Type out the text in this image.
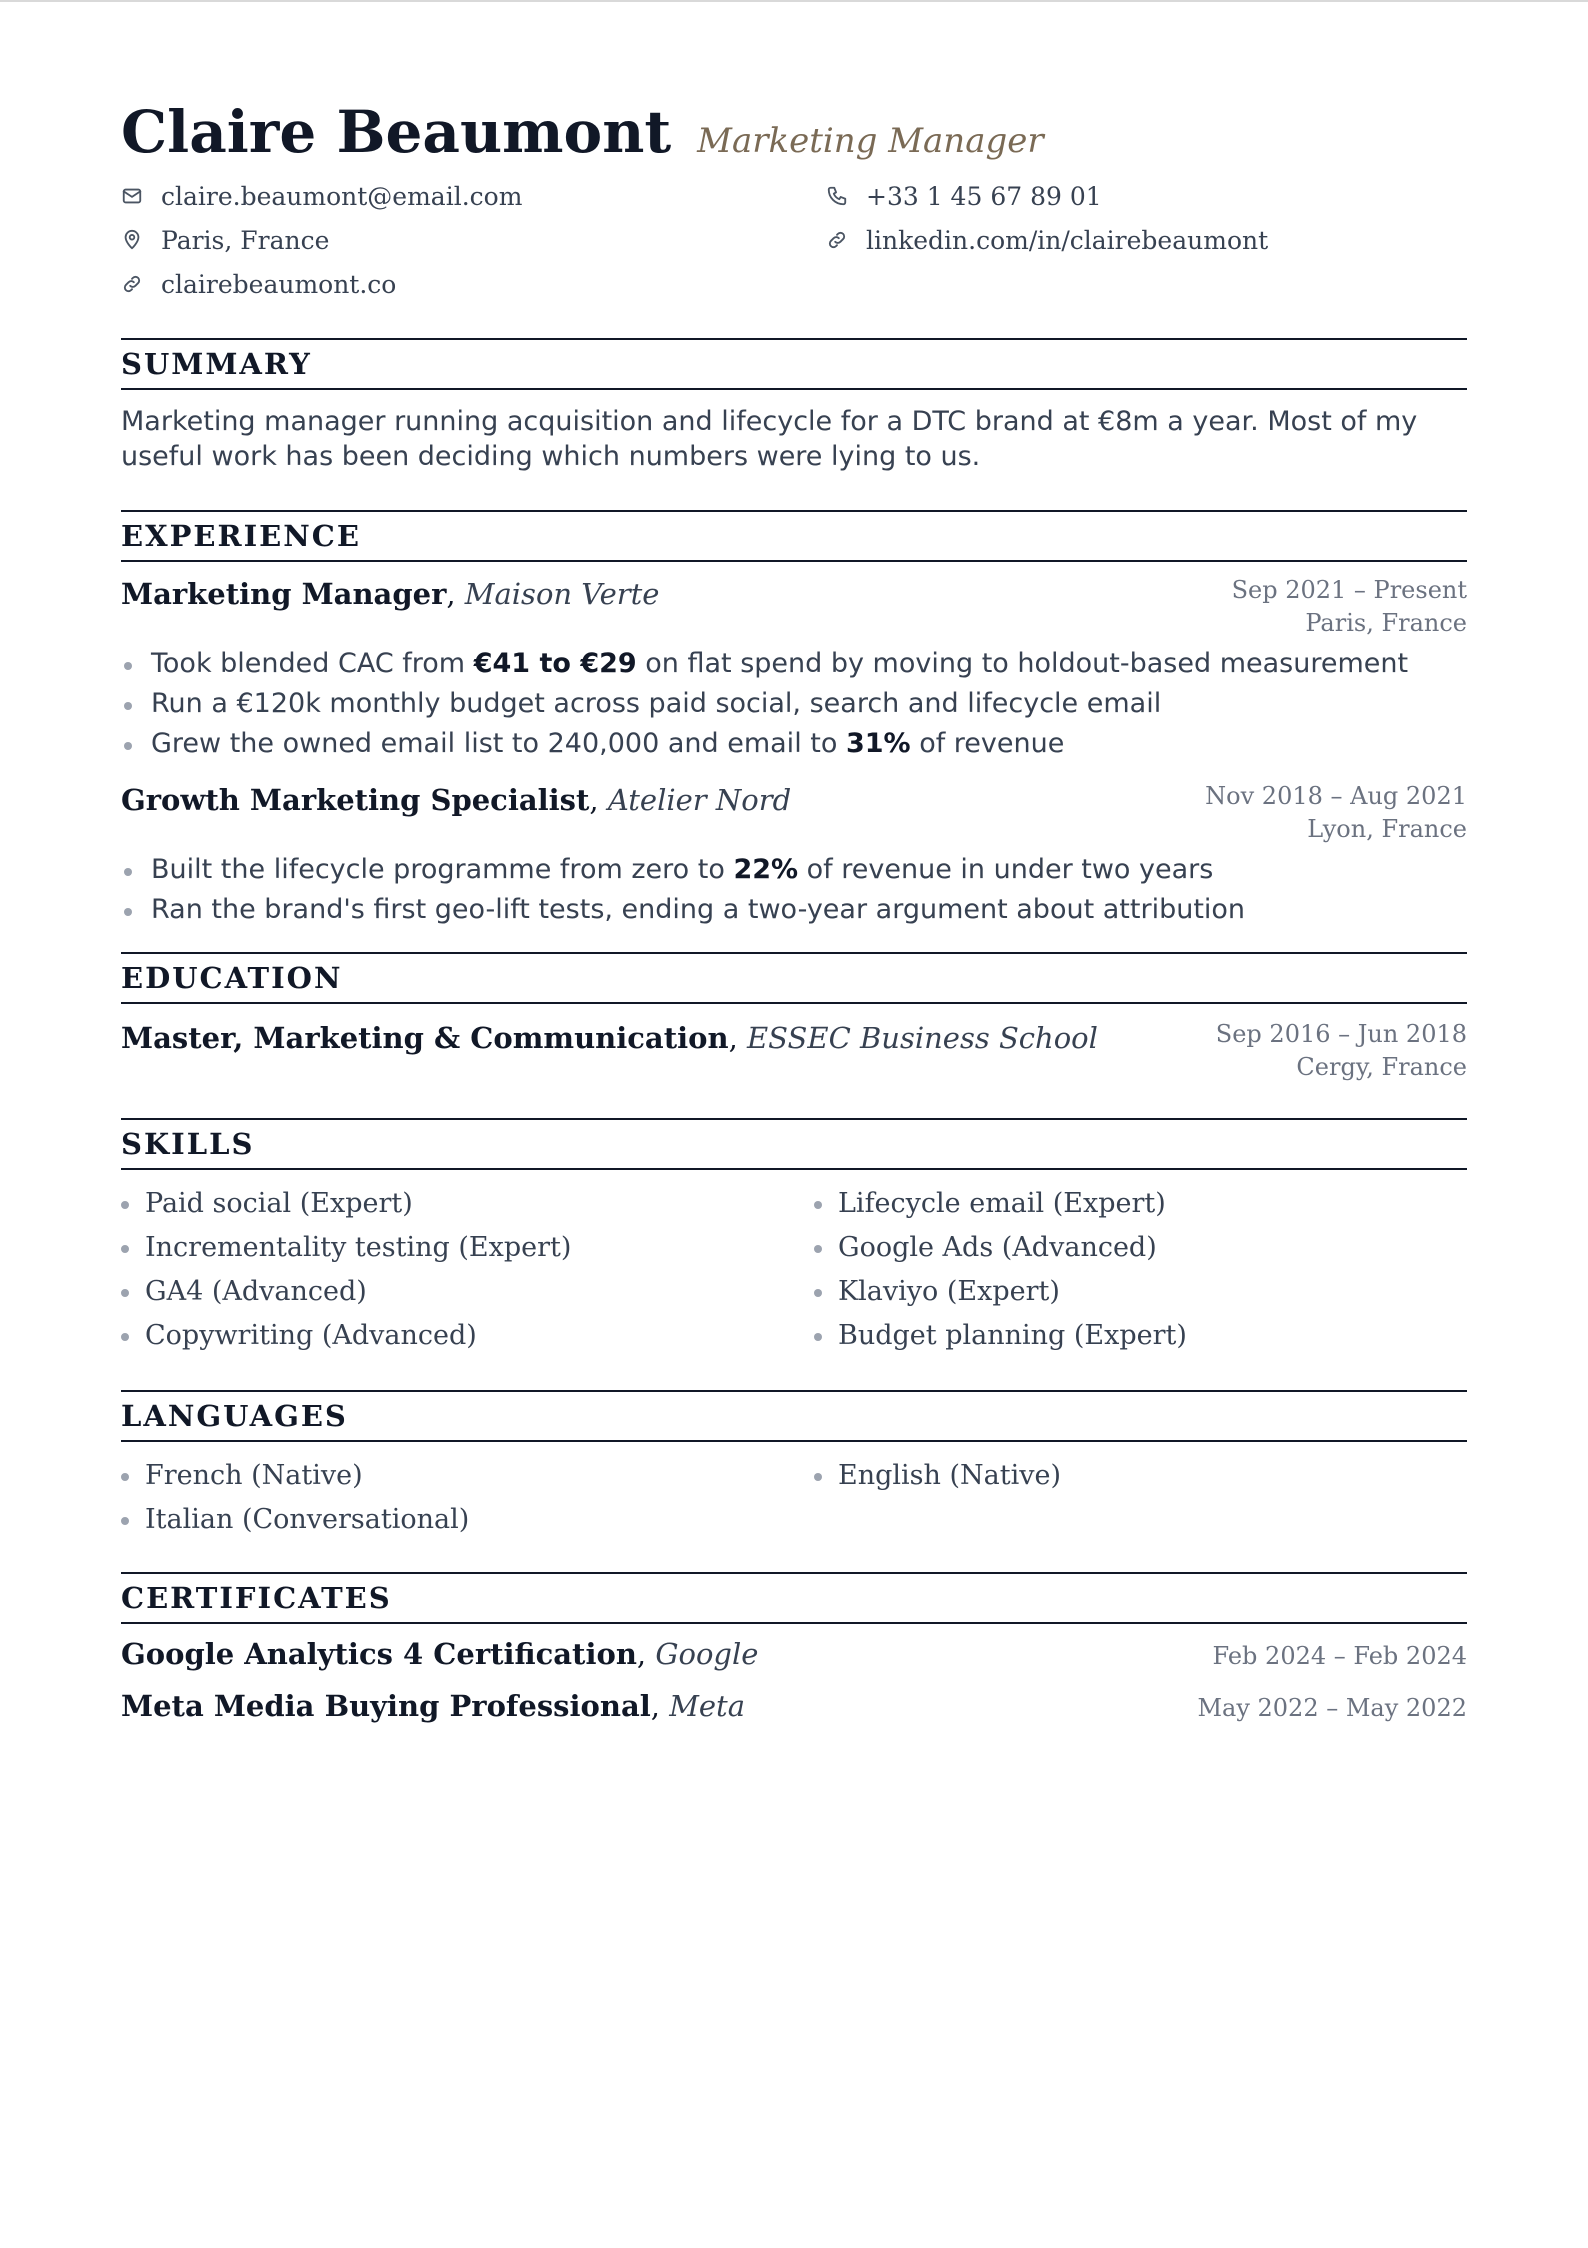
Claire Beaumont Marketing Manager
claire.beaumont@email.com	+33 1 45 67 89 01
Paris, France	linkedin.com/in/clairebeaumont
clairebeaumont.co
SUMMARY
Marketing manager running acquisition and lifecycle for a DTC brand at €8m a year. Most of my useful work has been deciding which numbers were lying to us.
EXPERIENCE
Marketing Manager, Maison Verte	Sep 2021 – Present
Paris, France
Took blended CAC from €41 to €29 on flat spend by moving to holdout-based measurement
Run a €120k monthly budget across paid social, search and lifecycle email
Grew the owned email list to 240,000 and email to 31% of revenue
Growth Marketing Specialist, Atelier Nord	Nov 2018 – Aug 2021
Lyon, France
Built the lifecycle programme from zero to 22% of revenue in under two years
Ran the brand's first geo-lift tests, ending a two-year argument about attribution
EDUCATION
Master, Marketing & Communication, ESSEC Business School	Sep 2016 – Jun 2018
Cergy, France
SKILLS
Paid social (Expert)	Lifecycle email (Expert)
Incrementality testing (Expert)	Google Ads (Advanced)
GA4 (Advanced)	Klaviyo (Expert)
Copywriting (Advanced)	Budget planning (Expert)
LANGUAGES
French (Native)	English (Native)
Italian (Conversational)
CERTIFICATES
Google Analytics 4 Certification, Google	Feb 2024 – Feb 2024
Meta Media Buying Professional, Meta	May 2022 – May 2022
